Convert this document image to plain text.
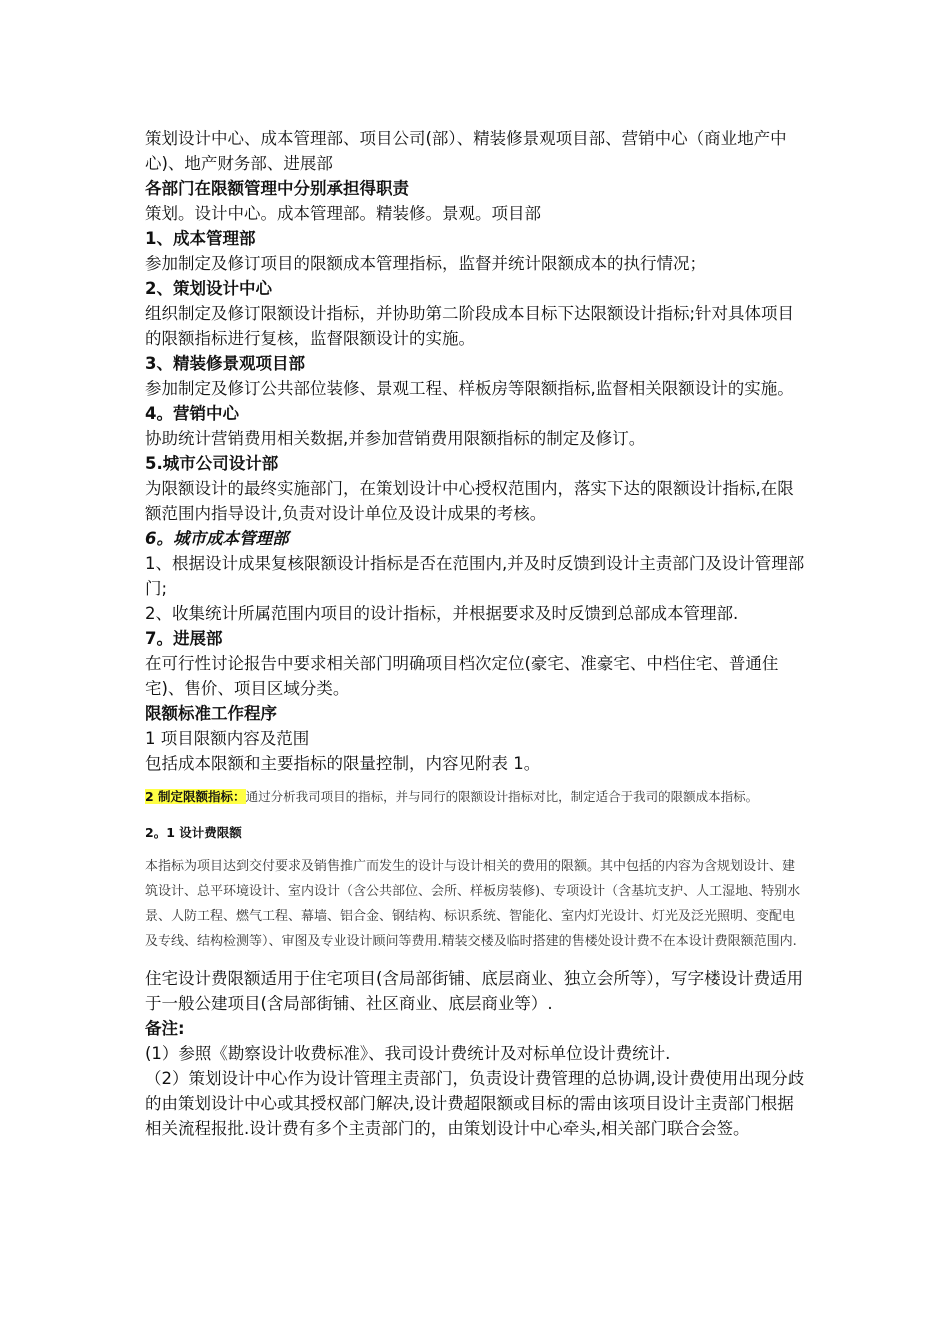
策划设计中心、成本管理部、项目公司(部）、精装修景观项目部、营销中心（商业地产中心)、地产财务部、进展部

各部门在限额管理中分别承担得职责

策划。设计中心。成本管理部。精装修。景观。项目部

1、成本管理部

参加制定及修订项目的限额成本管理指标，监督并统计限额成本的执行情况；

2、策划设计中心

组织制定及修订限额设计指标，并协助第二阶段成本目标下达限额设计指标;针对具体项目的限额指标进行复核，监督限额设计的实施。

3、精装修景观项目部

参加制定及修订公共部位装修、景观工程、样板房等限额指标,监督相关限额设计的实施。

4。营销中心

协助统计营销费用相关数据,并参加营销费用限额指标的制定及修订。

5.城市公司设计部

为限额设计的最终实施部门，在策划设计中心授权范围内，落实下达的限额设计指标,在限额范围内指导设计,负责对设计单位及设计成果的考核。

6。城市成本管理部

1、根据设计成果复核限额设计指标是否在范围内,并及时反馈到设计主责部门及设计管理部门;

2、收集统计所属范围内项目的设计指标，并根据要求及时反馈到总部成本管理部.

7。进展部

在可行性讨论报告中要求相关部门明确项目档次定位(豪宅、准豪宅、中档住宅、普通住宅)、售价、项目区域分类。

限额标准工作程序

1 项目限额内容及范围

包括成本限额和主要指标的限量控制，内容见附表 1。

2 制定限额指标：通过分析我司项目的指标，并与同行的限额设计指标对比，制定适合于我司的限额成本指标。

2。1 设计费限额

本指标为项目达到交付要求及销售推广而发生的设计与设计相关的费用的限额。其中包括的内容为含规划设计、建筑设计、总平环境设计、室内设计（含公共部位、会所、样板房装修)、专项设计（含基坑支护、人工湿地、特别水景、人防工程、燃气工程、幕墙、铝合金、钢结构、标识系统、智能化、室内灯光设计、灯光及泛光照明、变配电及专线、结构检测等）、审图及专业设计顾问等费用.精装交楼及临时搭建的售楼处设计费不在本设计费限额范围内.

住宅设计费限额适用于住宅项目(含局部街铺、底层商业、独立会所等），写字楼设计费适用于一般公建项目(含局部街铺、社区商业、底层商业等）.

备注:

(1）参照《勘察设计收费标准》、我司设计费统计及对标单位设计费统计.

（2）策划设计中心作为设计管理主责部门，负责设计费管理的总协调,设计费使用出现分歧的由策划设计中心或其授权部门解决,设计费超限额或目标的需由该项目设计主责部门根据相关流程报批.设计费有多个主责部门的，由策划设计中心牵头,相关部门联合会签。
